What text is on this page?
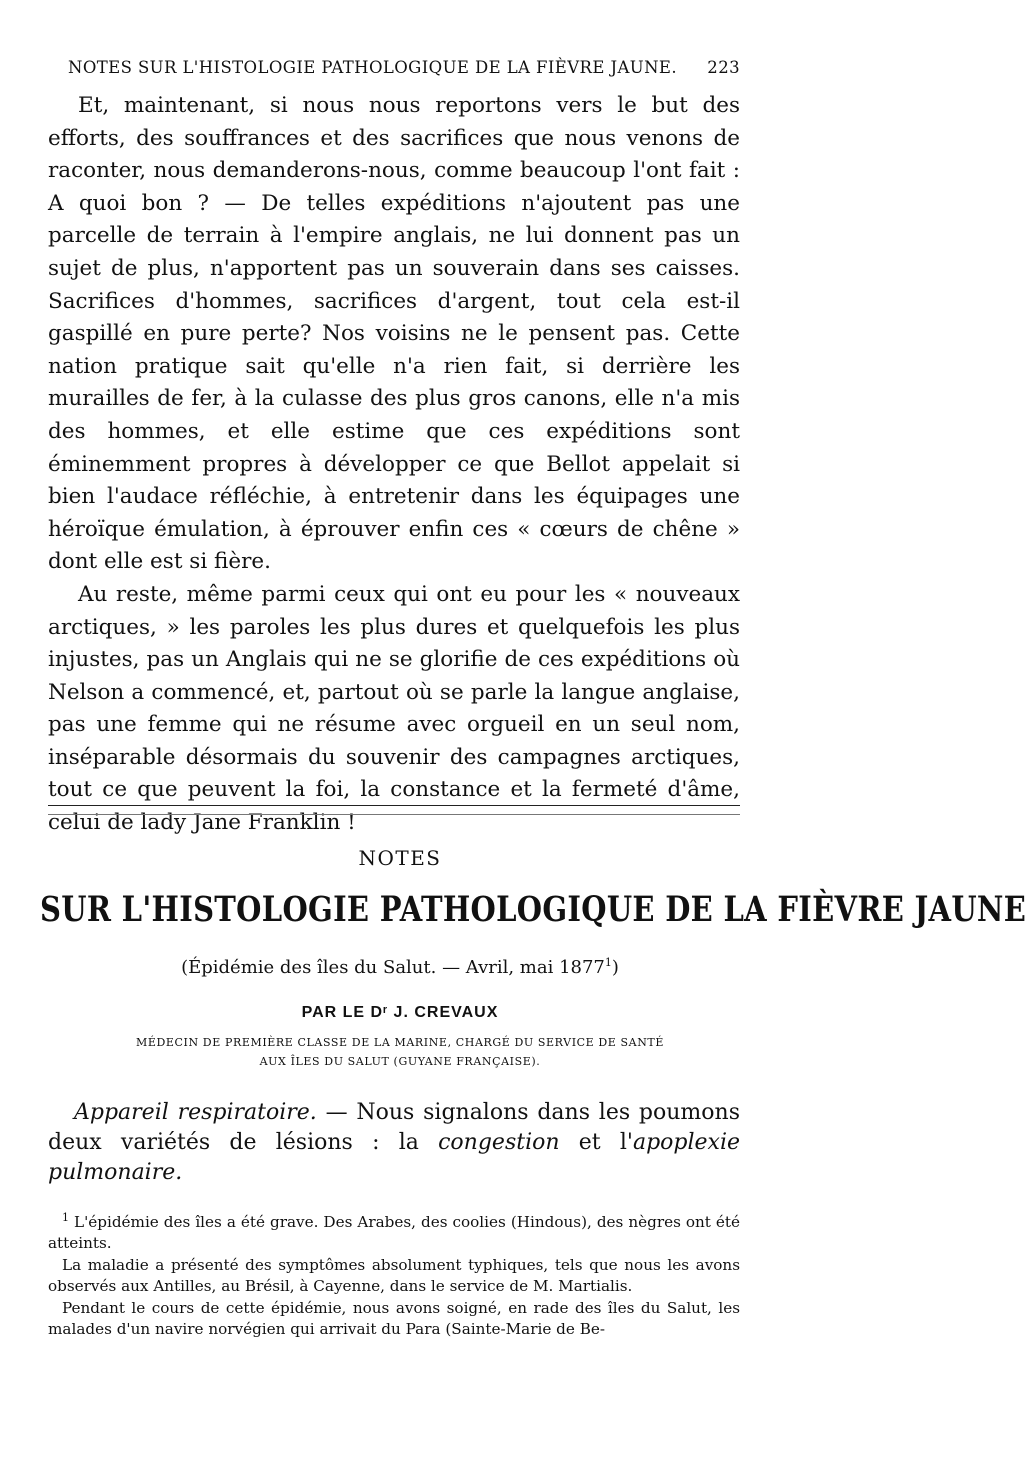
NOTES SUR L'HISTOLOGIE PATHOLOGIQUE DE LA FIÈVRE JAUNE. 223

Et, maintenant, si nous nous reportons vers le but des efforts, des souffrances et des sacrifices que nous venons de raconter, nous demanderons-nous, comme beaucoup l'ont fait : A quoi bon ? — De telles expéditions n'ajoutent pas une parcelle de terrain à l'empire anglais, ne lui donnent pas un sujet de plus, n'apportent pas un souverain dans ses caisses. Sacrifices d'hommes, sacrifices d'argent, tout cela est-il gaspillé en pure perte? Nos voisins ne le pensent pas. Cette nation pratique sait qu'elle n'a rien fait, si derrière les murailles de fer, à la culasse des plus gros canons, elle n'a mis des hommes, et elle estime que ces expéditions sont éminemment propres à développer ce que Bellot appelait si bien l'audace réfléchie, à entretenir dans les équipages une héroïque émulation, à éprouver enfin ces « cœurs de chêne » dont elle est si fière.

Au reste, même parmi ceux qui ont eu pour les « nouveaux arctiques, » les paroles les plus dures et quelquefois les plus injustes, pas un Anglais qui ne se glorifie de ces expéditions où Nelson a commencé, et, partout où se parle la langue anglaise, pas une femme qui ne résume avec orgueil en un seul nom, inséparable désormais du souvenir des campagnes arctiques, tout ce que peuvent la foi, la constance et la fermeté d'âme, celui de lady Jane Franklin !

NOTES
SUR L'HISTOLOGIE PATHOLOGIQUE DE LA FIÈVRE JAUNE
(Épidémie des îles du Salut. — Avril, mai 1877$^1$)
PAR LE Dʳ J. CREVAUX
MÉDECIN DE PREMIÈRE CLASSE DE LA MARINE, CHARGÉ DU SERVICE DE SANTÉ
AUX ÎLES DU SALUT (GUYANE FRANÇAISE).

Appareil respiratoire. — Nous signalons dans les poumons deux variétés de lésions : la congestion et l'apoplexie pulmonaire.

$^1$ L'épidémie des îles a été grave. Des Arabes, des coolies (Hindous), des nègres ont été atteints.

La maladie a présenté des symptômes absolument typhiques, tels que nous les avons observés aux Antilles, au Brésil, à Cayenne, dans le service de M. Martialis.

Pendant le cours de cette épidémie, nous avons soigné, en rade des îles du Salut, les malades d'un navire norvégien qui arrivait du Para (Sainte-Marie de Be-
